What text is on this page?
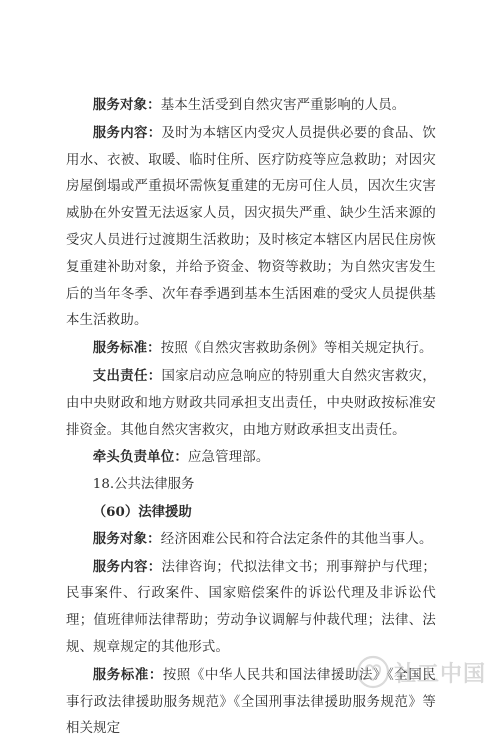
服务对象：基本生活受到自然灾害严重影响的人员。

服务内容：及时为本辖区内受灾人员提供必要的食品、饮用水、衣被、取暖、临时住所、医疗防疫等应急救助；对因灾房屋倒塌或严重损坏需恢复重建的无房可住人员，因次生灾害威胁在外安置无法返家人员，因灾损失严重、缺少生活来源的受灾人员进行过渡期生活救助；及时核定本辖区内居民住房恢复重建补助对象，并给予资金、物资等救助；为自然灾害发生后的当年冬季、次年春季遇到基本生活困难的受灾人员提供基本生活救助。

服务标准：按照《自然灾害救助条例》等相关规定执行。

支出责任：国家启动应急响应的特别重大自然灾害救灾，由中央财政和地方财政共同承担支出责任，中央财政按标准安排资金。其他自然灾害救灾，由地方财政承担支出责任。

牵头负责单位：应急管理部。

18.公共法律服务

（60）法律援助

服务对象：经济困难公民和符合法定条件的其他当事人。

服务内容：法律咨询；代拟法律文书；刑事辩护与代理；民事案件、行政案件、国家赔偿案件的诉讼代理及非诉讼代理；值班律师法律帮助；劳动争议调解与仲裁代理；法律、法规、规章规定的其他形式。

服务标准：按照《中华人民共和国法律援助法》《全国民事行政法律援助服务规范》《全国刑事法律援助服务规范》等相关规定

社工中国
